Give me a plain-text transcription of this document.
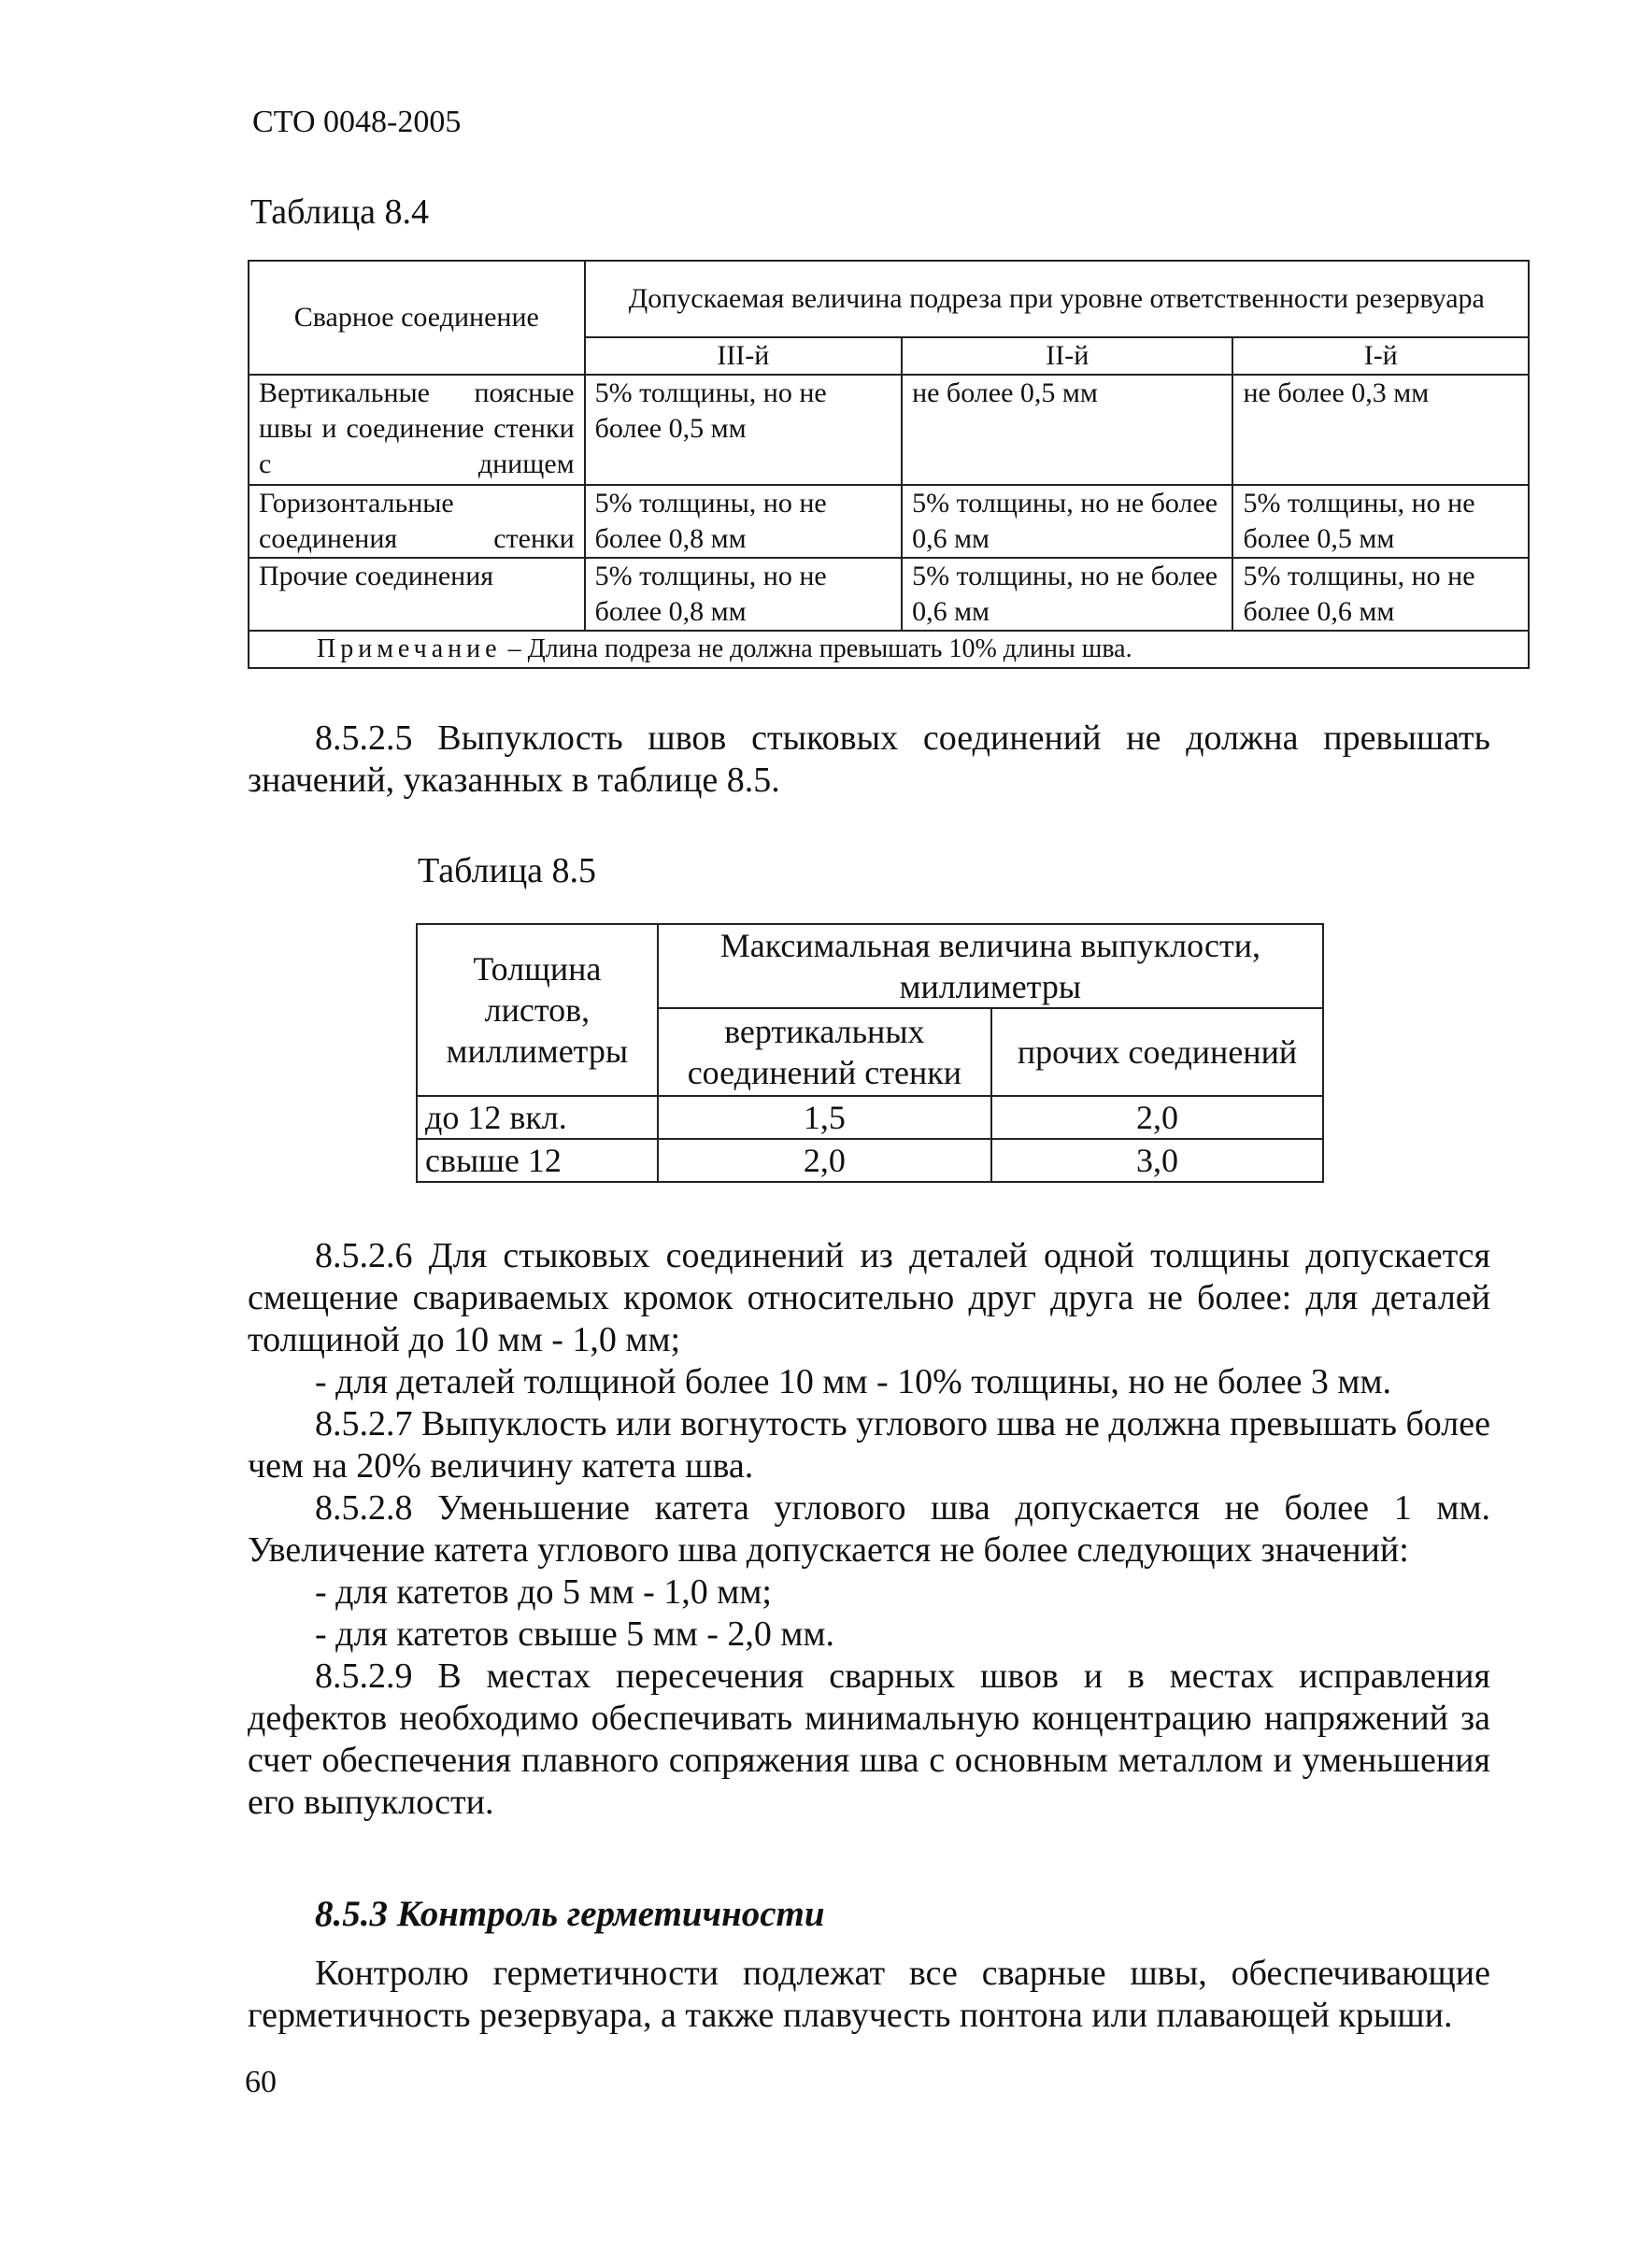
СТО 0048-2005
Таблица 8.4
Сварное соединение	Допускаемая величина подреза при уровне ответственности резервуара		
	III-й	II-й	I-й
Вертикальные поясные швы и соединение стенки с днищем	5% толщины, но не более 0,5 мм	не более 0,5 мм	не более 0,3 мм
Горизонтальные соединения стенки	5% толщины, но не более 0,8 мм	5% толщины, но не более 0,6 мм	5% толщины, но не более 0,5 мм
Прочие соединения	5% толщины, но не более 0,8 мм	5% толщины, но не более 0,6 мм	5% толщины, но не более 0,6 мм
Примечание – Длина подреза не должна превышать 10% длины шва.			

8.5.2.5 Выпуклость швов стыковых соединений не должна превышать значений, указанных в таблице 8.5.

Таблица 8.5
Толщина листов, миллиметры	Максимальная величина выпуклости, миллиметры	
	вертикальных соединений стенки	прочих соединений
до 12 вкл.	1,5	2,0
свыше 12	2,0	3,0

8.5.2.6 Для стыковых соединений из деталей одной толщины допускается смещение свариваемых кромок относительно друг друга не более: для деталей толщиной до 10 мм - 1,0 мм;

- для деталей толщиной более 10 мм - 10% толщины, но не более 3 мм.

8.5.2.7 Выпуклость или вогнутость углового шва не должна превышать более чем на 20% величину катета шва.

8.5.2.8 Уменьшение катета углового шва допускается не более 1 мм. Увеличение катета углового шва допускается не более следующих значений:

- для катетов до 5 мм - 1,0 мм;

- для катетов свыше 5 мм - 2,0 мм.

8.5.2.9 В местах пересечения сварных швов и в местах исправления дефектов необходимо обеспечивать минимальную концентрацию напряжений за счет обеспечения плавного сопряжения шва с основным металлом и уменьшения его выпуклости.

8.5.3 Контроль герметичности

Контролю герметичности подлежат все сварные швы, обеспечивающие герметичность резервуара, а также плавучесть понтона или плавающей крыши.

60
